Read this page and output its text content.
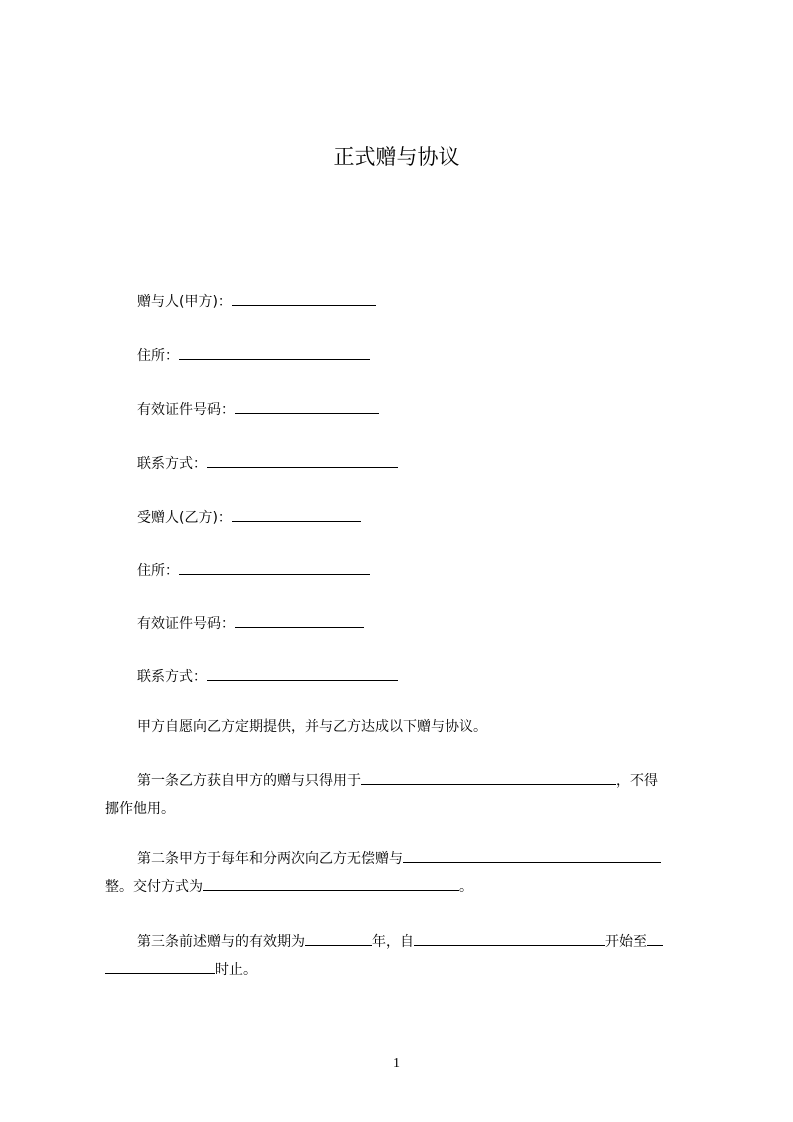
正式赠与协议
赠与人(甲方)：
住所：
有效证件号码：
联系方式：
受赠人(乙方)：
住所：
有效证件号码：
联系方式：
甲方自愿向乙方定期提供，并与乙方达成以下赠与协议。
第一条乙方获自甲方的赠与只得用于	，不得
挪作他用。
第二条甲方于每年和分两次向乙方无偿赠与
整。交付方式为	。
第三条前述赠与的有效期为	年，自	开始至
时止。
1
